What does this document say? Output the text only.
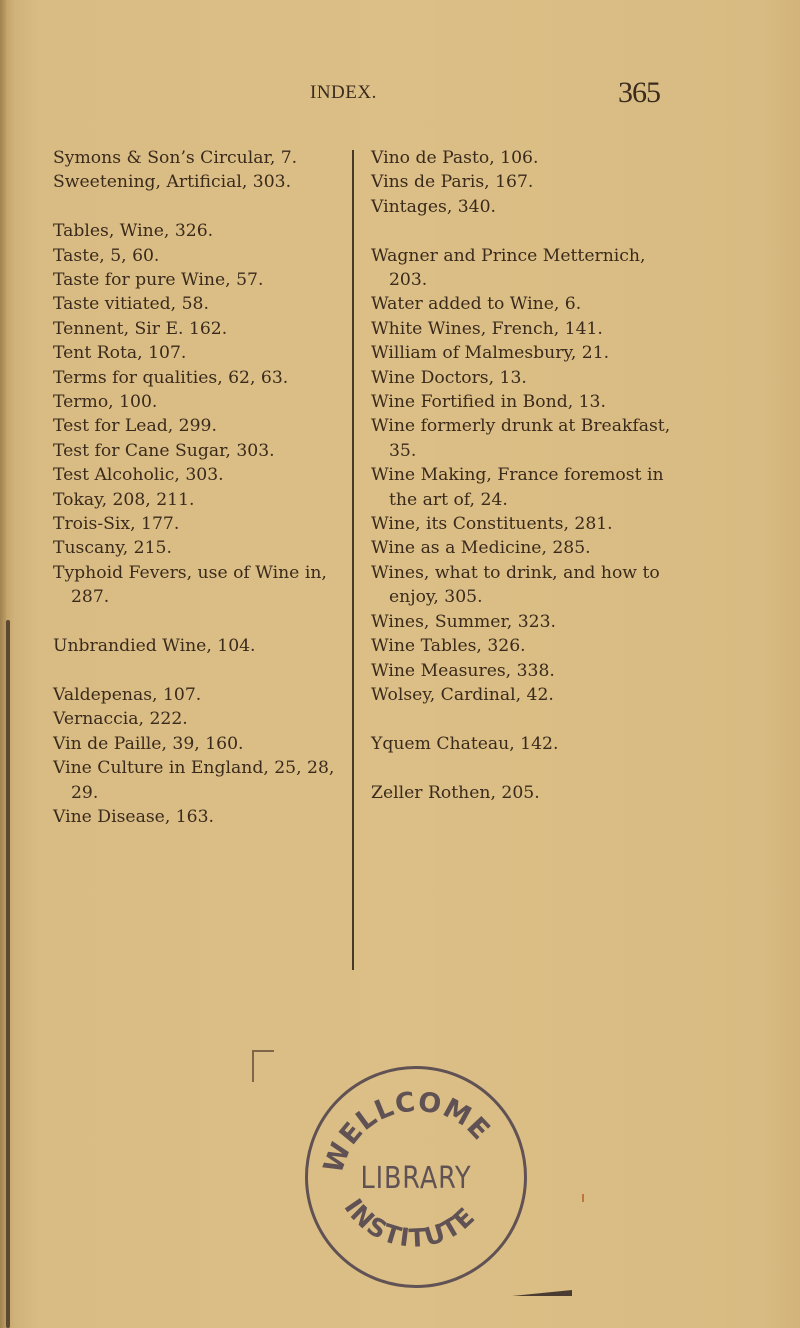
INDEX.	365
Symons & Son’s Circular, 7.
Sweetening, Artificial, 303.
Tables, Wine, 326.
Taste, 5, 60.
Taste for pure Wine, 57.
Taste vitiated, 58.
Tennent, Sir E. 162.
Tent Rota, 107.
Terms for qualities, 62, 63.
Termo, 100.
Test for Lead, 299.
Test for Cane Sugar, 303.
Test Alcoholic, 303.
Tokay, 208, 211.
Trois-Six, 177.
Tuscany, 215.
Typhoid Fevers, use of Wine in, 287.
Unbrandied Wine, 104.
Valdepenas, 107.
Vernaccia, 222.
Vin de Paille, 39, 160.
Vine Culture in England, 25, 28, 29.
Vine Disease, 163.
Vino de Pasto, 106.
Vins de Paris, 167.
Vintages, 340.
Wagner and Prince Metternich, 203.
Water added to Wine, 6.
White Wines, French, 141.
William of Malmesbury, 21.
Wine Doctors, 13.
Wine Fortified in Bond, 13.
Wine formerly drunk at Breakfast, 35.
Wine Making, France foremost in the art of, 24.
Wine, its Constituents, 281.
Wine as a Medicine, 285.
Wines, what to drink, and how to enjoy, 305.
Wines, Summer, 323.
Wine Tables, 326.
Wine Measures, 338.
Wolsey, Cardinal, 42.
Yquem Chateau, 142.
Zeller Rothen, 205.
WELLCOME
INSTITUTE
LIBRARY
